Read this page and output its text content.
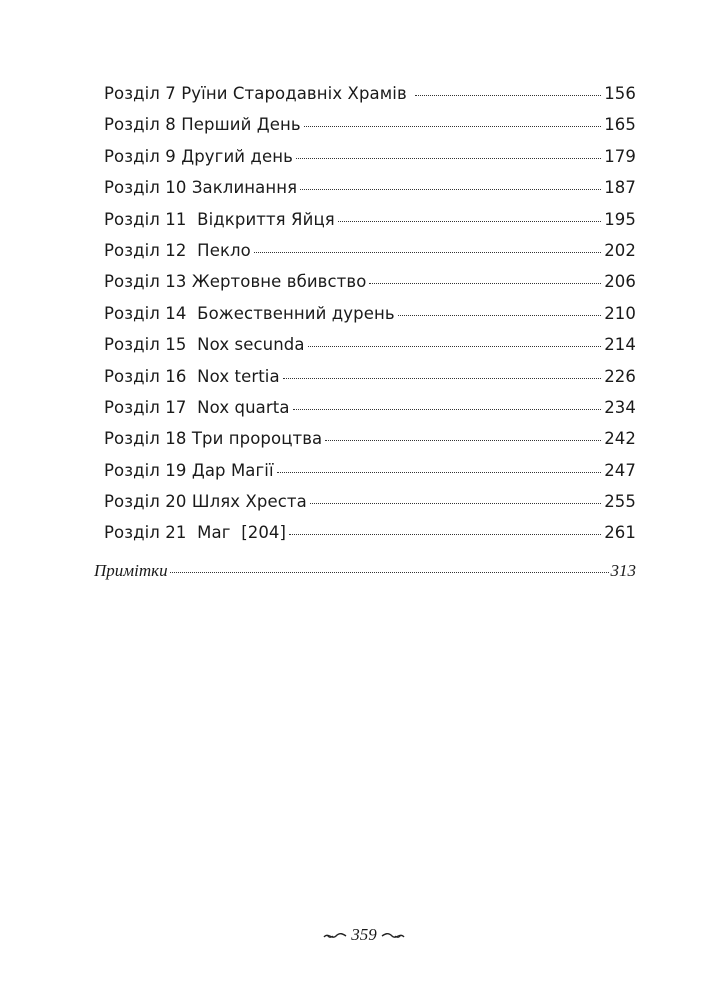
Розділ 7 Руїни Стародавніх Храмів	156
Розділ 8 Перший День	165
Розділ 9 Другий день	179
Розділ 10 Заклинання	187
Розділ 11  Відкриття Яйця	195
Розділ 12  Пекло	202
Розділ 13 Жертовне вбивство	206
Розділ 14  Божественний дурень	210
Розділ 15  Nox secunda	214
Розділ 16  Nox tertia	226
Розділ 17  Nox quarta	234
Розділ 18 Три пророцтва	242
Розділ 19 Дар Магії	247
Розділ 20 Шлях Хреста	255
Розділ 21  Маг  [204]	261
Примітки	313
359
